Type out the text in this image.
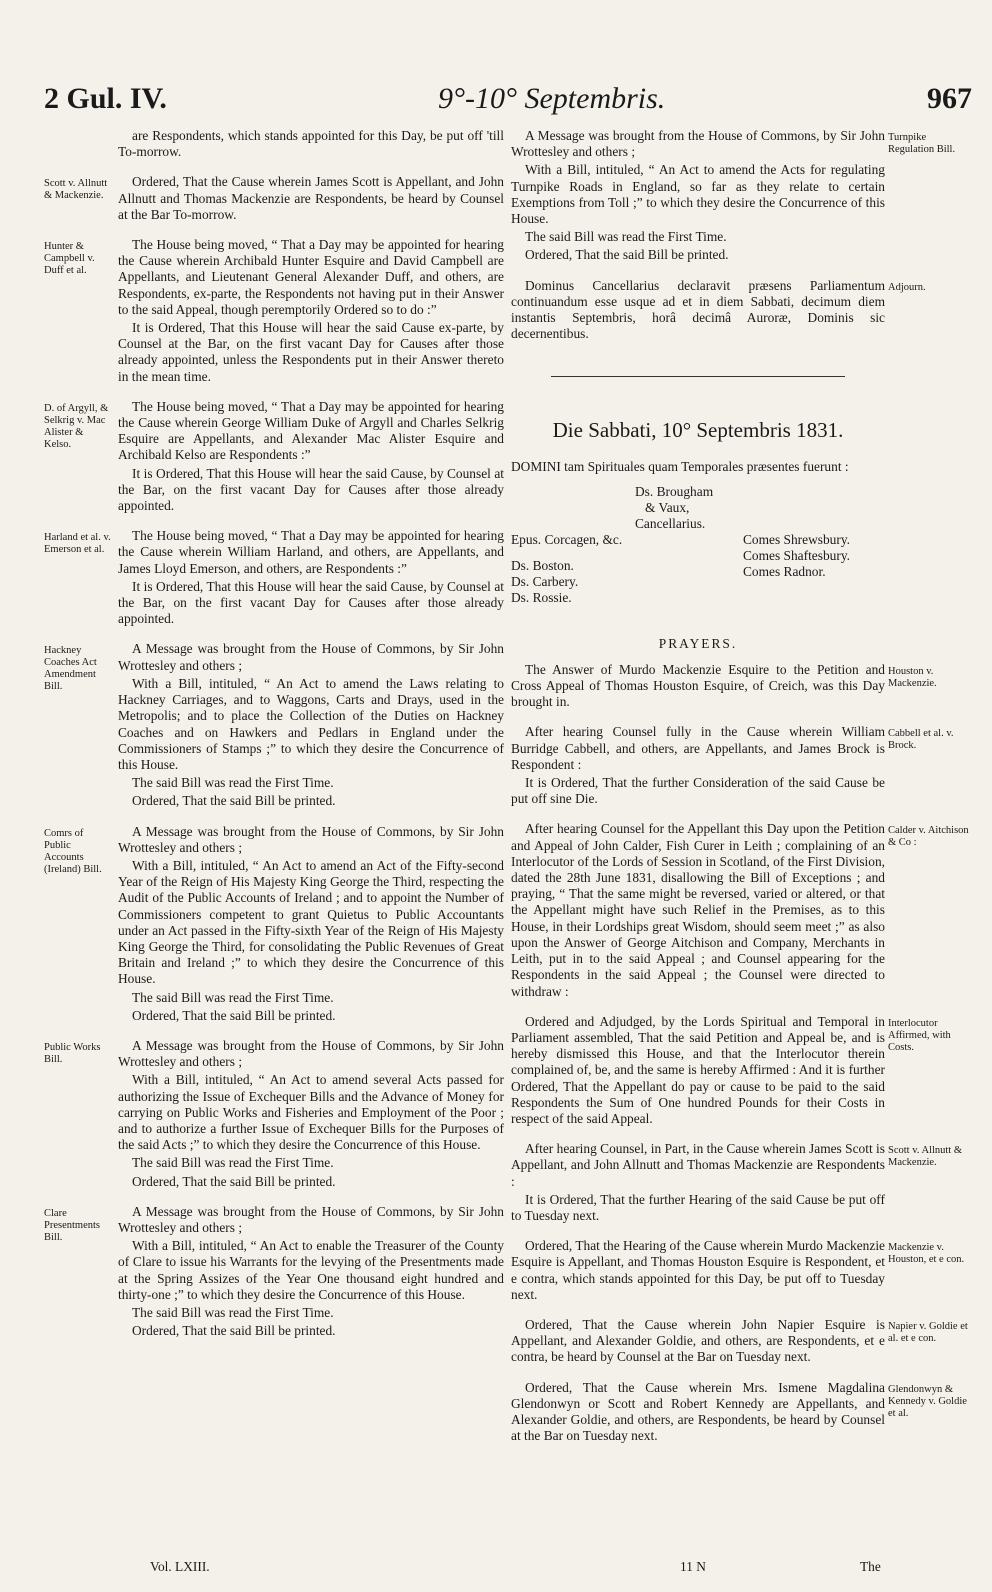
2 Gul. IV.	9°-10° Septembris.	967

are Respondents, which stands appointed for this Day, be put off 'till To-morrow.

Ordered, That the Cause wherein James Scott is Appellant, and John Allnutt and Thomas Mackenzie are Respondents, be heard by Counsel at the Bar To-morrow.

The House being moved, “ That a Day may be appointed for hearing the Cause wherein Archibald Hunter Esquire and David Campbell are Appellants, and Lieutenant General Alexander Duff, and others, are Respondents, ex-parte, the Respondents not having put in their Answer to the said Appeal, though peremptorily Ordered so to do :”

It is Ordered, That this House will hear the said Cause ex-parte, by Counsel at the Bar, on the first vacant Day for Causes after those already appointed, unless the Respondents put in their Answer thereto in the mean time.

The House being moved, “ That a Day may be appointed for hearing the Cause wherein George William Duke of Argyll and Charles Selkrig Esquire are Appellants, and Alexander Mac Alister Esquire and Archibald Kelso are Respondents :”

It is Ordered, That this House will hear the said Cause, by Counsel at the Bar, on the first vacant Day for Causes after those already appointed.

The House being moved, “ That a Day may be appointed for hearing the Cause wherein William Harland, and others, are Appellants, and James Lloyd Emerson, and others, are Respondents :”

It is Ordered, That this House will hear the said Cause, by Counsel at the Bar, on the first vacant Day for Causes after those already appointed.

A Message was brought from the House of Commons, by Sir John Wrottesley and others ;

With a Bill, intituled, “ An Act to amend the Laws relating to Hackney Carriages, and to Waggons, Carts and Drays, used in the Metropolis; and to place the Collection of the Duties on Hackney Coaches and on Hawkers and Pedlars in England under the Commissioners of Stamps ;” to which they desire the Concurrence of this House.

The said Bill was read the First Time.

Ordered, That the said Bill be printed.

A Message was brought from the House of Commons, by Sir John Wrottesley and others ;

With a Bill, intituled, “ An Act to amend an Act of the Fifty-second Year of the Reign of His Majesty King George the Third, respecting the Audit of the Public Accounts of Ireland ; and to appoint the Number of Commissioners competent to grant Quietus to Public Accountants under an Act passed in the Fifty-sixth Year of the Reign of His Majesty King George the Third, for consolidating the Public Revenues of Great Britain and Ireland ;” to which they desire the Concurrence of this House.

The said Bill was read the First Time.

Ordered, That the said Bill be printed.

A Message was brought from the House of Commons, by Sir John Wrottesley and others ;

With a Bill, intituled, “ An Act to amend several Acts passed for authorizing the Issue of Exchequer Bills and the Advance of Money for carrying on Public Works and Fisheries and Employment of the Poor ; and to authorize a further Issue of Exchequer Bills for the Purposes of the said Acts ;” to which they desire the Concurrence of this House.

The said Bill was read the First Time.

Ordered, That the said Bill be printed.

A Message was brought from the House of Commons, by Sir John Wrottesley and others ;

With a Bill, intituled, “ An Act to enable the Treasurer of the County of Clare to issue his Warrants for the levying of the Presentments made at the Spring Assizes of the Year One thousand eight hundred and thirty-one ;” to which they desire the Concurrence of this House.

The said Bill was read the First Time.

Ordered, That the said Bill be printed.

A Message was brought from the House of Commons, by Sir John Wrottesley and others ;

With a Bill, intituled, “ An Act to amend the Acts for regulating Turnpike Roads in England, so far as they relate to certain Exemptions from Toll ;” to which they desire the Concurrence of this House.

The said Bill was read the First Time.

Ordered, That the said Bill be printed.

Dominus Cancellarius declaravit præsens Parliamentum continuandum esse usque ad et in diem Sabbati, decimum diem instantis Septembris, horâ decimâ Auroræ, Dominis sic decernentibus.

Die Sabbati, 10° Septembris 1831.

DOMINI tam Spirituales quam Temporales præsentes fuerunt :

Ds. Brougham
& Vaux,
Cancellarius.
Epus. Corcagen, &c.
Ds. Boston.
Ds. Carbery.
Ds. Rossie.
Comes Shrewsbury.
Comes Shaftesbury.
Comes Radnor.
PRAYERS.

The Answer of Murdo Mackenzie Esquire to the Petition and Cross Appeal of Thomas Houston Esquire, of Creich, was this Day brought in.

After hearing Counsel fully in the Cause wherein William Burridge Cabbell, and others, are Appellants, and James Brock is Respondent :

It is Ordered, That the further Consideration of the said Cause be put off sine Die.

After hearing Counsel for the Appellant this Day upon the Petition and Appeal of John Calder, Fish Curer in Leith ; complaining of an Interlocutor of the Lords of Session in Scotland, of the First Division, dated the 28th June 1831, disallowing the Bill of Exceptions ; and praying, “ That the same might be reversed, varied or altered, or that the Appellant might have such Relief in the Premises, as to this House, in their Lordships great Wisdom, should seem meet ;” as also upon the Answer of George Aitchison and Company, Merchants in Leith, put in to the said Appeal ; and Counsel appearing for the Respondents in the said Appeal ; the Counsel were directed to withdraw :

Ordered and Adjudged, by the Lords Spiritual and Temporal in Parliament assembled, That the said Petition and Appeal be, and is hereby dismissed this House, and that the Interlocutor therein complained of, be, and the same is hereby Affirmed : And it is further Ordered, That the Appellant do pay or cause to be paid to the said Respondents the Sum of One hundred Pounds for their Costs in respect of the said Appeal.

After hearing Counsel, in Part, in the Cause wherein James Scott is Appellant, and John Allnutt and Thomas Mackenzie are Respondents :

It is Ordered, That the further Hearing of the said Cause be put off to Tuesday next.

Ordered, That the Hearing of the Cause wherein Murdo Mackenzie Esquire is Appellant, and Thomas Houston Esquire is Respondent, et e contra, which stands appointed for this Day, be put off to Tuesday next.

Ordered, That the Cause wherein John Napier Esquire is Appellant, and Alexander Goldie, and others, are Respondents, et e contra, be heard by Counsel at the Bar on Tuesday next.

Ordered, That the Cause wherein Mrs. Ismene Magdalina Glendonwyn or Scott and Robert Kennedy are Appellants, and Alexander Goldie, and others, are Respondents, be heard by Counsel at the Bar on Tuesday next.

Scott v. Allnutt & Mackenzie.
Hunter & Campbell v. Duff et al.
D. of Argyll, & Selkrig v. Mac Alister & Kelso.
Harland et al. v. Emerson et al.
Hackney Coaches Act Amendment Bill.
Comrs of Public Accounts (Ireland) Bill.
Public Works Bill.
Clare Presentments Bill.
Turnpike Regulation Bill.
Adjourn.
Houston v. Mackenzie.
Cabbell et al. v. Brock.
Calder v. Aitchison & Co :
Interlocutor Affirmed, with Costs.
Scott v. Allnutt & Mackenzie.
Mackenzie v. Houston, et e con.
Napier v. Goldie et al. et e con.
Glendonwyn & Kennedy v. Goldie et al.
Vol. LXIII.	11 N	The
